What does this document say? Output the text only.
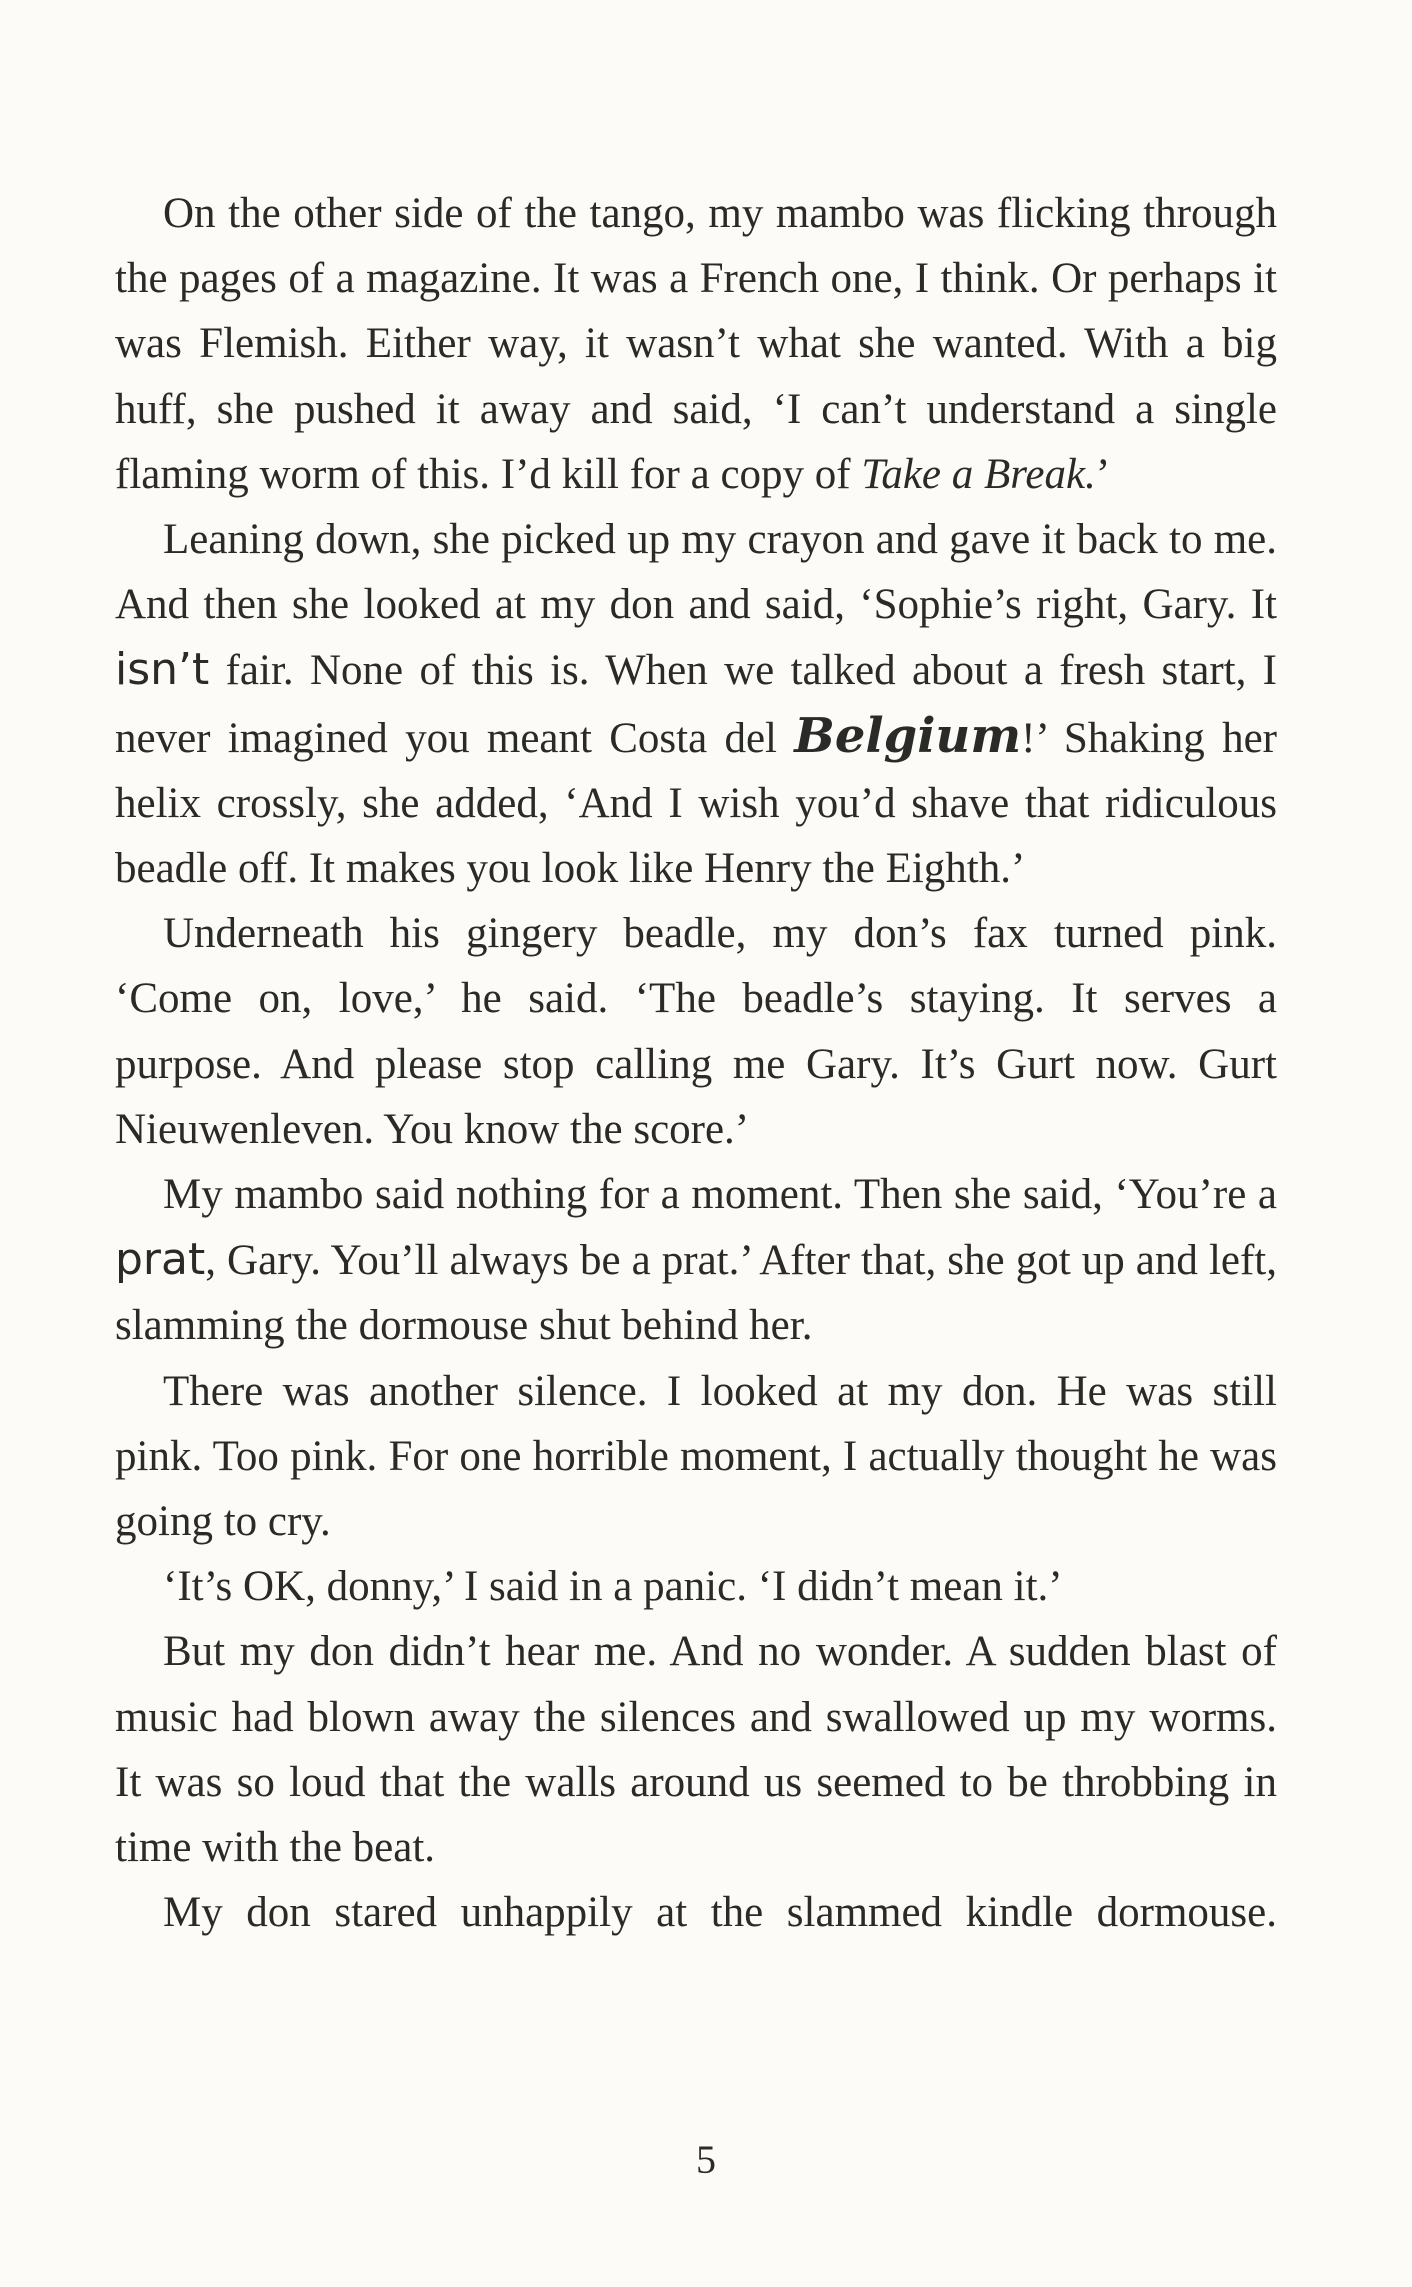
On the other side of the tango, my mambo was flicking through the pages of a magazine. It was a French one, I think. Or perhaps it was Flemish. Either way, it wasn’t what she wanted. With a big huff, she pushed it away and said, ‘I can’t understand a single flaming worm of this. I’d kill for a copy of Take a Break.’

Leaning down, she picked up my crayon and gave it back to me. And then she looked at my don and said, ‘Sophie’s right, Gary. It isn’t fair. None of this is. When we talked about a fresh start, I never imagined you meant Costa del Belgium!’ Shaking her helix crossly, she added, ‘And I wish you’d shave that ridiculous beadle off. It makes you look like Henry the Eighth.’

Underneath his gingery beadle, my don’s fax turned pink. ‘Come on, love,’ he said. ‘The beadle’s staying. It serves a purpose. And please stop calling me Gary. It’s Gurt now. Gurt Nieuwenleven. You know the score.’

My mambo said nothing for a moment. Then she said, ‘You’re a prat, Gary. You’ll always be a prat.’ After that, she got up and left, slamming the dormouse shut behind her.

There was another silence. I looked at my don. He was still pink. Too pink. For one horrible moment, I actually thought he was going to cry.

‘It’s OK, donny,’ I said in a panic. ‘I didn’t mean it.’

But my don didn’t hear me. And no wonder. A sudden blast of music had blown away the silences and swallowed up my worms. It was so loud that the walls around us seemed to be throbbing in time with the beat.

My don stared unhappily at the slammed kindle dormouse.

5
